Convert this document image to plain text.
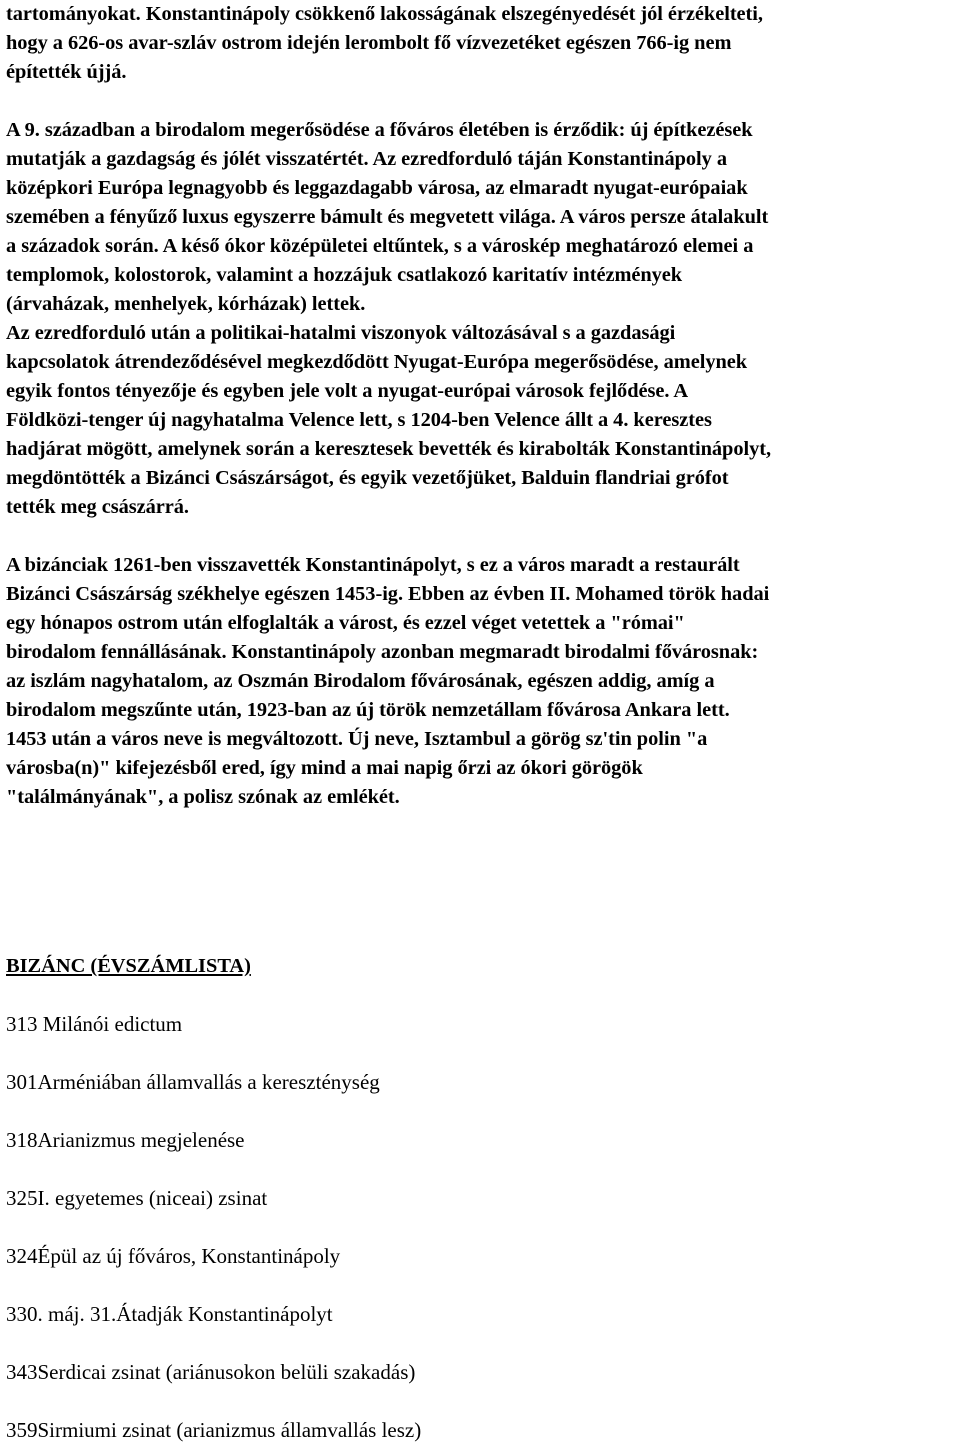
tartományokat. Konstantinápoly csökkenő lakosságának elszegényedését jól érzékelteti,

hogy a 626-os avar-szláv ostrom idején lerombolt fő vízvezetéket egészen 766-ig nem

építették újjá.

A 9. században a birodalom megerősödése a főváros életében is érződik: új építkezések

mutatják a gazdagság és jólét visszatértét. Az ezredforduló táján Konstantinápoly a

középkori Európa legnagyobb és leggazdagabb városa, az elmaradt nyugat-európaiak

szemében a fényűző luxus egyszerre bámult és megvetett világa. A város persze átalakult

a századok során. A késő ókor középületei eltűntek, s a városkép meghatározó elemei a

templomok, kolostorok, valamint a hozzájuk csatlakozó karitatív intézmények

(árvaházak, menhelyek, kórházak) lettek.

Az ezredforduló után a politikai-hatalmi viszonyok változásával s a gazdasági

kapcsolatok átrendeződésével megkezdődött Nyugat-Európa megerősödése, amelynek

egyik fontos tényezője és egyben jele volt a nyugat-európai városok fejlődése. A

Földközi-tenger új nagyhatalma Velence lett, s 1204-ben Velence állt a 4. keresztes

hadjárat mögött, amelynek során a keresztesek bevették és kirabolták Konstantinápolyt,

megdöntötték a Bizánci Császárságot, és egyik vezetőjüket, Balduin flandriai grófot

tették meg császárrá.

A bizánciak 1261-ben visszavették Konstantinápolyt, s ez a város maradt a restaurált

Bizánci Császárság székhelye egészen 1453-ig. Ebben az évben II. Mohamed török hadai

egy hónapos ostrom után elfoglalták a várost, és ezzel véget vetettek a "római"

birodalom fennállásának. Konstantinápoly azonban megmaradt birodalmi fővárosnak:

az iszlám nagyhatalom, az Oszmán Birodalom fővárosának, egészen addig, amíg a

birodalom megszűnte után, 1923-ban az új török nemzetállam fővárosa Ankara lett.

1453 után a város neve is megváltozott. Új neve, Isztambul a görög sz'tin polin "a

városba(n)" kifejezésből ered, így mind a mai napig őrzi az ókori görögök

"találmányának", a polisz szónak az emlékét.

BIZÁNC (ÉVSZÁMLISTA)

313 Milánói edictum
301Arméniában államvallás a kereszténység
318Arianizmus megjelenése
325I. egyetemes (niceai) zsinat
324Épül az új főváros, Konstantinápoly
330. máj. 31.Átadják Konstantinápolyt
343Serdicai zsinat (ariánusokon belüli szakadás)
359Sirmiumi zsinat (arianizmus államvallás lesz)
